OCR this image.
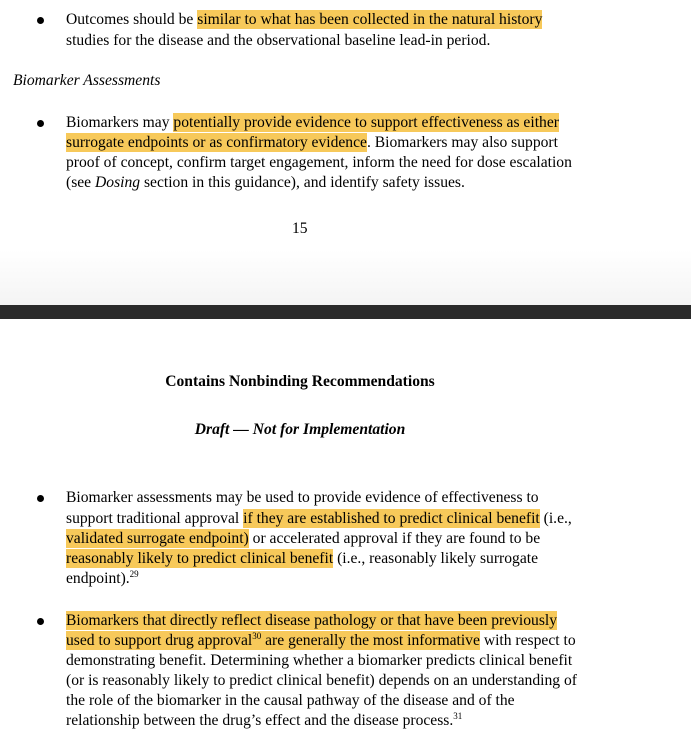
Outcomes should be similar to what has been collected in the natural history
studies for the disease and the observational baseline lead-in period.
Biomarker Assessments
Biomarkers may potentially provide evidence to support effectiveness as either
surrogate endpoints or as confirmatory evidence. Biomarkers may also support
proof of concept, confirm target engagement, inform the need for dose escalation
(see Dosing section in this guidance), and identify safety issues.
15
Contains Nonbinding Recommendations
Draft — Not for Implementation
Biomarker assessments may be used to provide evidence of effectiveness to
support traditional approval if they are established to predict clinical benefit (i.e.,
validated surrogate endpoint) or accelerated approval if they are found to be
reasonably likely to predict clinical benefit (i.e., reasonably likely surrogate
endpoint).$^{29}$
Biomarkers that directly reflect disease pathology or that have been previously
used to support drug approval$^{30}$ are generally the most informative with respect to
demonstrating benefit. Determining whether a biomarker predicts clinical benefit
(or is reasonably likely to predict clinical benefit) depends on an understanding of
the role of the biomarker in the causal pathway of the disease and of the
relationship between the drug’s effect and the disease process.$^{31}$
